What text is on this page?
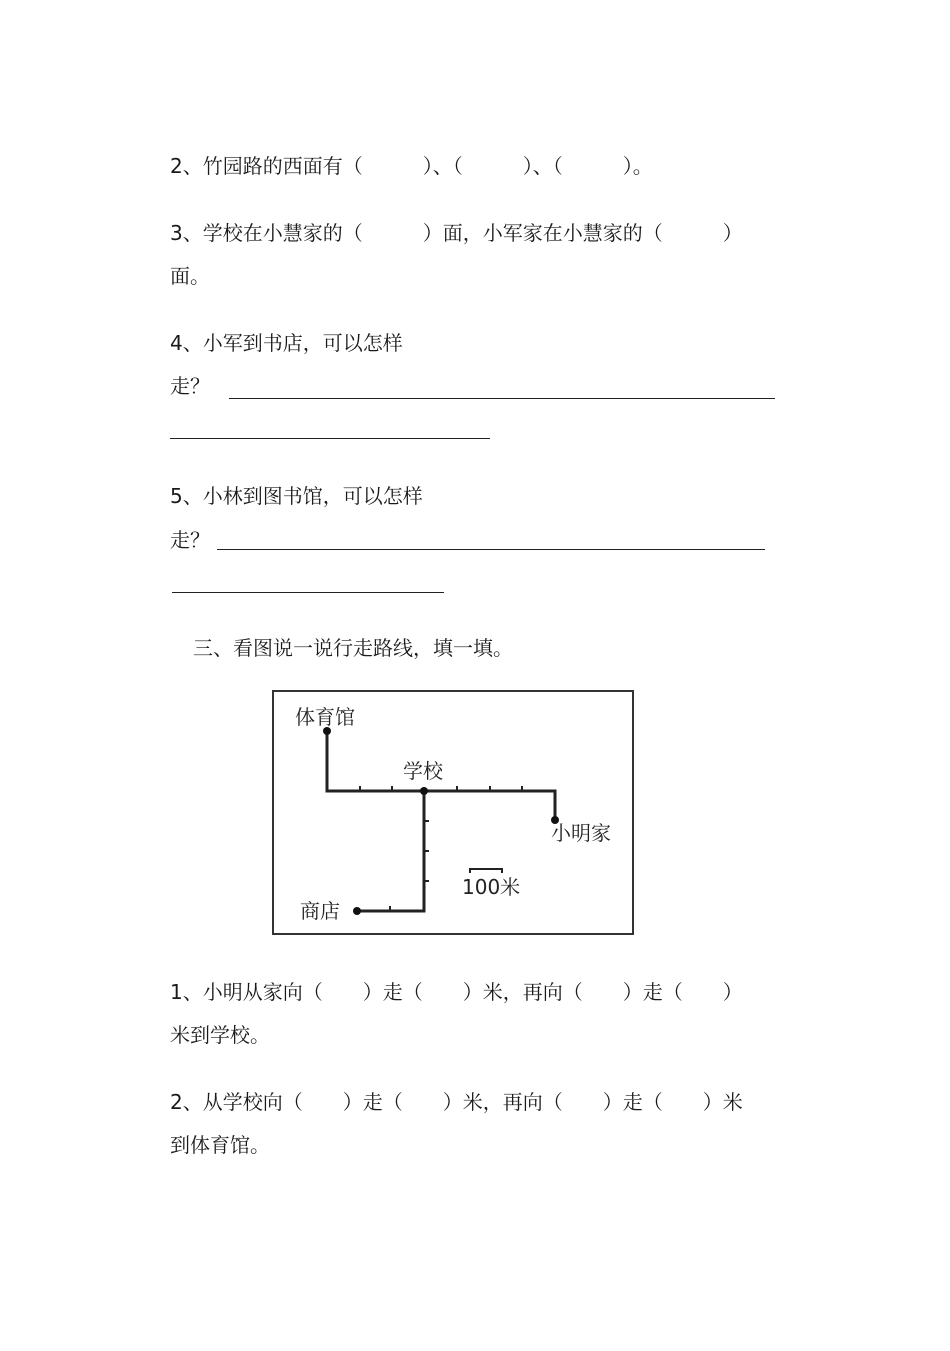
2、竹园路的西面有（　　　）、（　　　）、（　　　）。

3、学校在小慧家的（　　　）面，小军家在小慧家的（　　　）

面。

4、小军到书店，可以怎样

走？

5、小林到图书馆，可以怎样

走？

三、看图说一说行走路线，填一填。

体育馆
学校
小明家
商店
100米

1、小明从家向（　　）走（　　）米，再向（　　）走（　　）

米到学校。

2、从学校向（　　）走（　　）米，再向（　　）走（　　）米

到体育馆。
